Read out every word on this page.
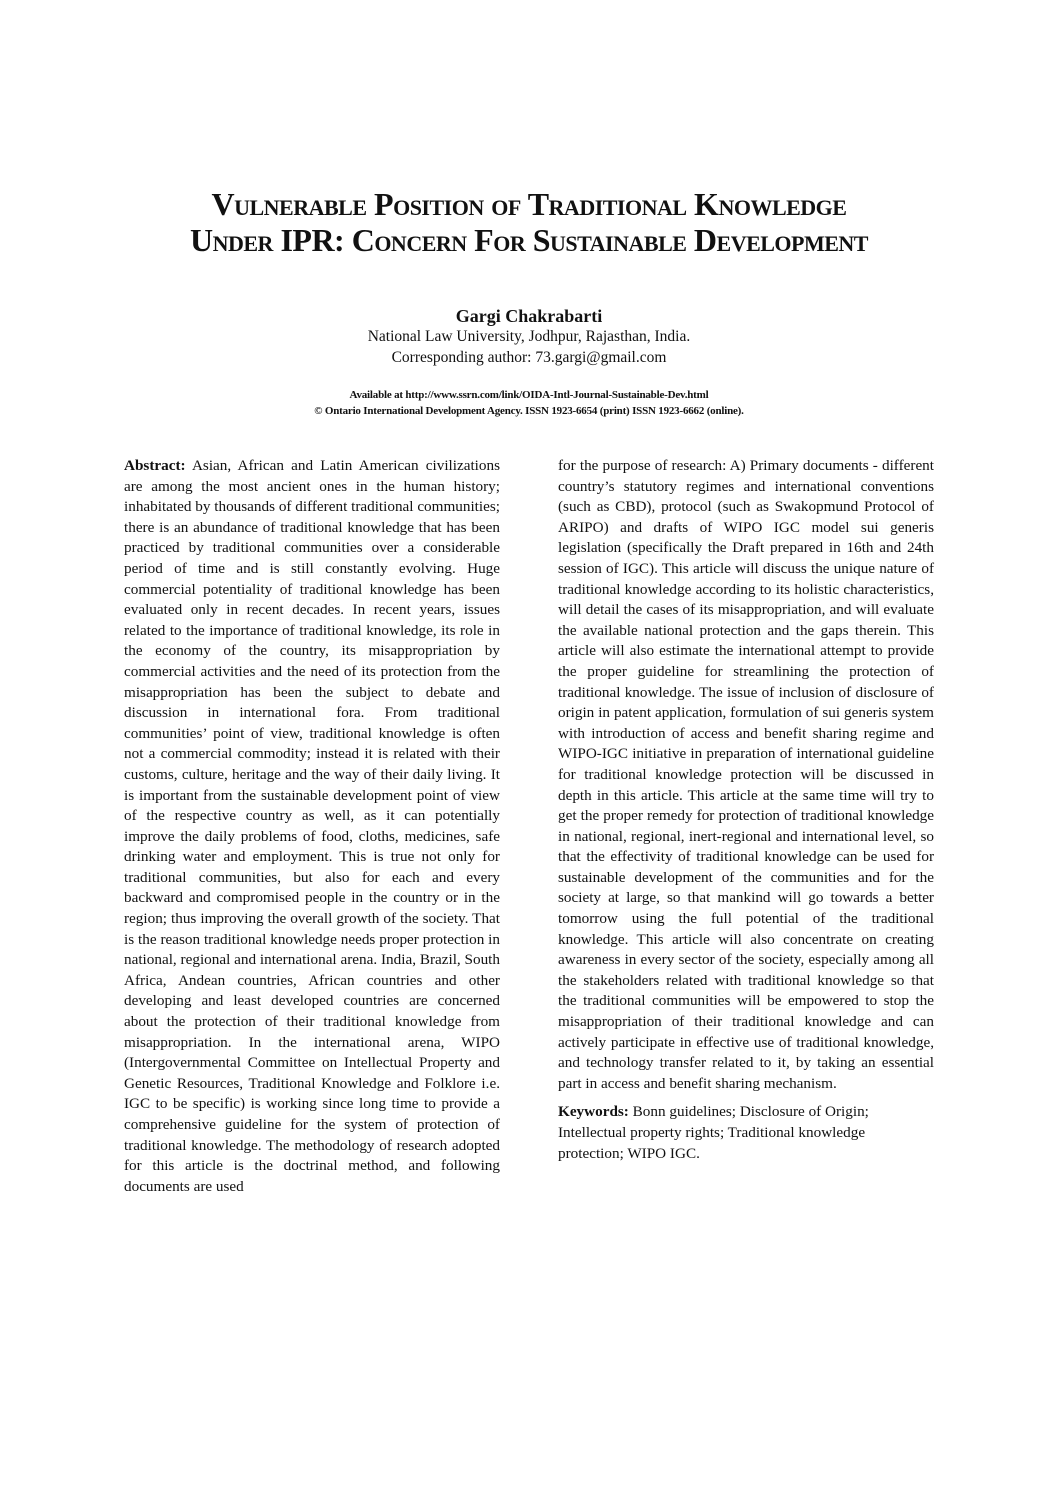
Vulnerable Position of Traditional Knowledge
Under IPR: Concern For Sustainable Development
Gargi Chakrabarti
National Law University, Jodhpur, Rajasthan, India.
Corresponding author: 73.gargi@gmail.com
Available at http://www.ssrn.com/link/OIDA-Intl-Journal-Sustainable-Dev.html
© Ontario International Development Agency. ISSN 1923-6654 (print) ISSN 1923-6662 (online).

Abstract: Asian, African and Latin American civilizations are among the most ancient ones in the human history; inhabitated by thousands of different traditional communities; there is an abundance of traditional knowledge that has been practiced by traditional communities over a considerable period of time and is still constantly evolving. Huge commercial potentiality of traditional knowledge has been evaluated only in recent decades. In recent years, issues related to the importance of traditional knowledge, its role in the economy of the country, its misappropriation by commercial activities and the need of its protection from the misappropriation has been the subject to debate and discussion in international fora. From traditional communities’ point of view, traditional knowledge is often not a commercial commodity; instead it is related with their customs, culture, heritage and the way of their daily living. It is important from the sustainable development point of view of the respective country as well, as it can potentially improve the daily problems of food, cloths, medicines, safe drinking water and employment. This is true not only for traditional communities, but also for each and every backward and compromised people in the country or in the region; thus improving the overall growth of the society. That is the reason traditional knowledge needs proper protection in national, regional and international arena. India, Brazil, South Africa, Andean countries, African countries and other developing and least developed countries are concerned about the protection of their traditional knowledge from misappropriation. In the international arena, WIPO (Intergovernmental Committee on Intellectual Property and Genetic Resources, Traditional Knowledge and Folklore i.e. IGC to be specific) is working since long time to provide a comprehensive guideline for the system of protection of traditional knowledge. The methodology of research adopted for this article is the doctrinal method, and following documents are used

for the purpose of research: A) Primary documents - different country’s statutory regimes and international conventions (such as CBD), protocol (such as Swakopmund Protocol of ARIPO) and drafts of WIPO IGC model sui generis legislation (specifically the Draft prepared in 16th and 24th session of IGC). This article will discuss the unique nature of traditional knowledge according to its holistic characteristics, will detail the cases of its misappropriation, and will evaluate the available national protection and the gaps therein. This article will also estimate the international attempt to provide the proper guideline for streamlining the protection of traditional knowledge. The issue of inclusion of disclosure of origin in patent application, formulation of sui generis system with introduction of access and benefit sharing regime and WIPO-IGC initiative in preparation of international guideline for traditional knowledge protection will be discussed in depth in this article. This article at the same time will try to get the proper remedy for protection of traditional knowledge in national, regional, inert-regional and international level, so that the effectivity of traditional knowledge can be used for sustainable development of the communities and for the society at large, so that mankind will go towards a better tomorrow using the full potential of the traditional knowledge. This article will also concentrate on creating awareness in every sector of the society, especially among all the stakeholders related with traditional knowledge so that the traditional communities will be empowered to stop the misappropriation of their traditional knowledge and can actively participate in effective use of traditional knowledge, and technology transfer related to it, by taking an essential part in access and benefit sharing mechanism.

Keywords: Bonn guidelines; Disclosure of Origin; Intellectual property rights; Traditional knowledge protection; WIPO IGC.
